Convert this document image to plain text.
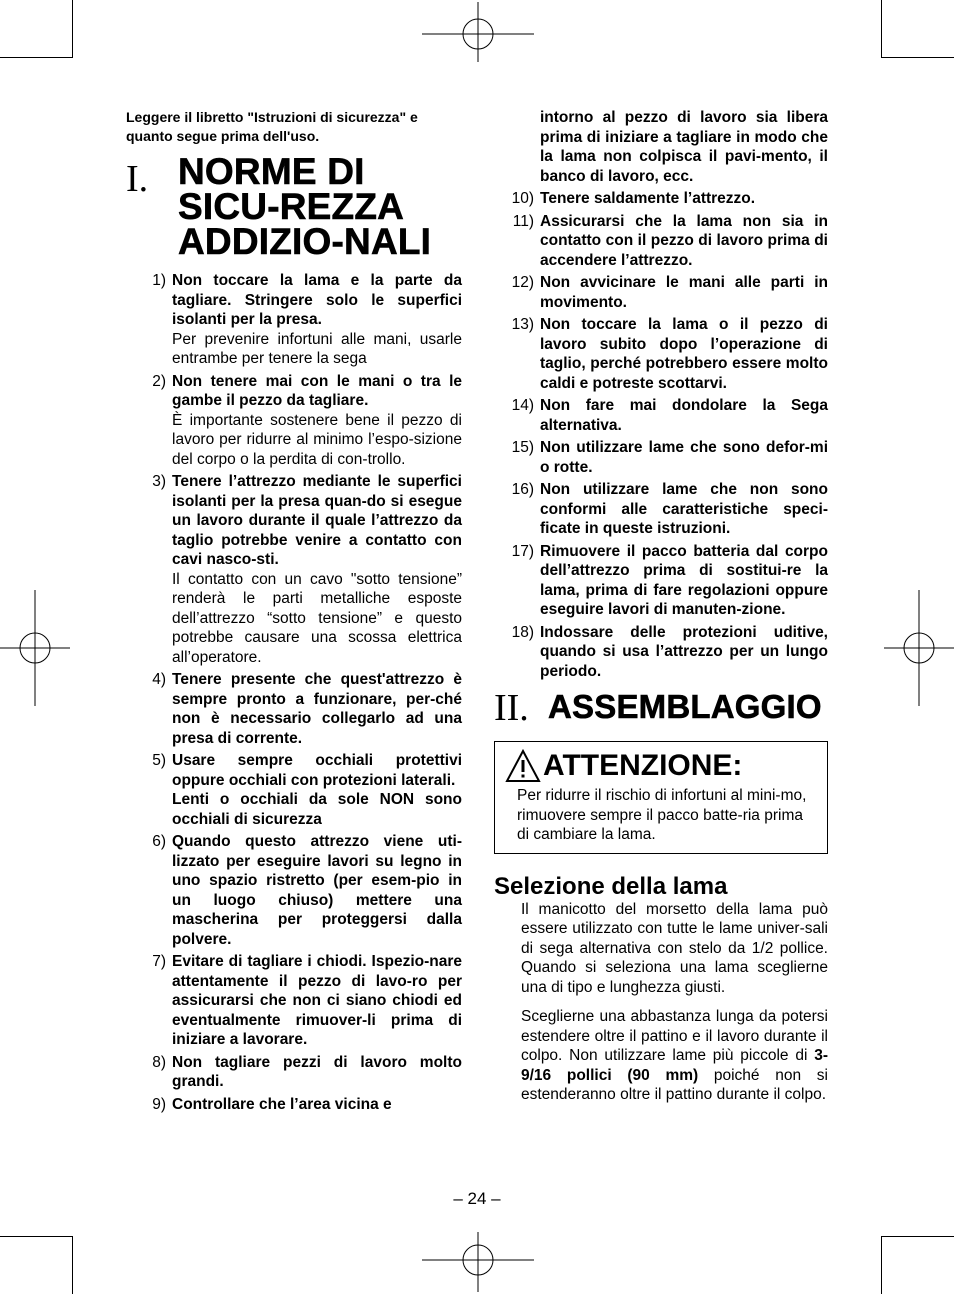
Leggere il libretto "Istruzioni di sicurezza" e quanto segue prima dell'uso.

I. NORME DI SICU-REZZA ADDIZIO-NALI
1) Non toccare la lama e la parte da tagliare. Stringere solo le superfici isolanti per la presa.
Per prevenire infortuni alle mani, usarle entrambe per tenere la sega
2) Non tenere mai con le mani o tra le gambe il pezzo da tagliare.
È importante sostenere bene il pezzo di lavoro per ridurre al minimo l’espo-sizione del corpo o la perdita di con-trollo.
3) Tenere l’attrezzo mediante le superfici isolanti per la presa quan-do si esegue un lavoro durante il quale l’attrezzo da taglio potrebbe venire a contatto con cavi nasco-sti.
Il contatto con un cavo "sotto tensione” renderà le parti metalliche esposte dell’attrezzo “sotto tensione” e questo potrebbe causare una scossa elettrica all’operatore.
4) Tenere presente che quest'attrezzo è sempre pronto a funzionare, per-ché non è necessario collegarlo ad una presa di corrente.
5) Usare sempre occhiali protettivi oppure occhiali con protezioni laterali.
Lenti o occhiali da sole NON sono occhiali di sicurezza
6) Quando questo attrezzo viene uti-lizzato per eseguire lavori su legno in uno spazio ristretto (per esem-pio in un luogo chiuso) mettere una mascherina per proteggersi dalla polvere.
7) Evitare di tagliare i chiodi. Ispezio-nare attentamente il pezzo di lavo-ro per assicurarsi che non ci siano chiodi ed eventualmente rimuover-li prima di iniziare a lavorare.
8) Non tagliare pezzi di lavoro molto grandi.
9) Controllare che l’area vicina e
intorno al pezzo di lavoro sia libera prima di iniziare a tagliare in modo che la lama non colpisca il pavi-mento, il banco di lavoro, ecc.
10) Tenere saldamente l’attrezzo.
11) Assicurarsi che la lama non sia in contatto con il pezzo di lavoro prima di accendere l’attrezzo.
12) Non avvicinare le mani alle parti in movimento.
13) Non toccare la lama o il pezzo di lavoro subito dopo l’operazione di taglio, perché potrebbero essere molto caldi e potreste scottarvi.
14) Non fare mai dondolare la Sega alternativa.
15) Non utilizzare lame che sono defor-mi o rotte.
16) Non utilizzare lame che non sono conformi alle caratteristiche speci-ficate in queste istruzioni.
17) Rimuovere il pacco batteria dal corpo dell’attrezzo prima di sostitui-re la lama, prima di fare regolazioni oppure eseguire lavori di manuten-zione.
18) Indossare delle protezioni uditive, quando si usa l’attrezzo per un lungo periodo.
II. ASSEMBLAGGIO
ATTENZIONE:
Per ridurre il rischio di infortuni al mini-mo, rimuovere sempre il pacco batte-ria prima di cambiare la lama.
Selezione della lama

Il manicotto del morsetto della lama può essere utilizzato con tutte le lame univer-sali di sega alternativa con stelo da 1/2 pollice. Quando si seleziona una lama sceglierne una di tipo e lunghezza giusti.

Sceglierne una abbastanza lunga da potersi estendere oltre il pattino e il lavoro durante il colpo. Non utilizzare lame più piccole di 3-9/16 pollici (90 mm) poiché non si estenderanno oltre il pattino durante il colpo.

– 24 –
